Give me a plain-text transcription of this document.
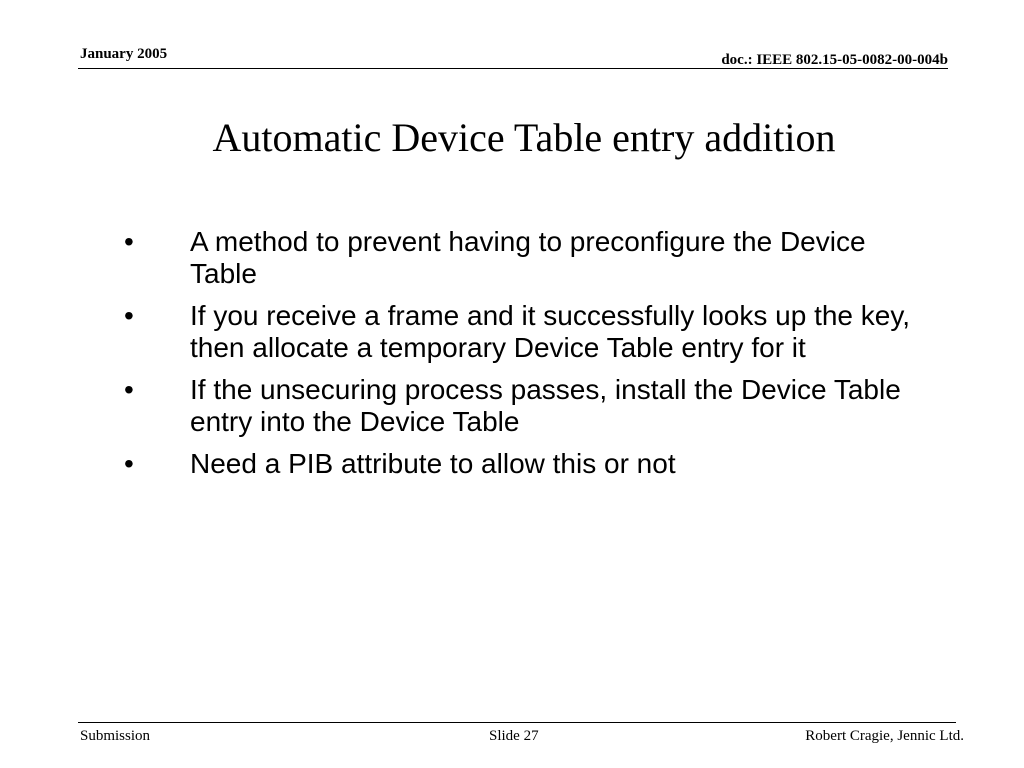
January 2005	doc.: IEEE 802.15-05-0082-00-004b
Automatic Device Table entry addition
• A method to prevent having to preconfigure the Device Table
• If you receive a frame and it successfully looks up the key, then allocate a temporary Device Table entry for it
• If the unsecuring process passes, install the Device Table entry into the Device Table
• Need a PIB attribute to allow this or not
Submission	Slide 27	Robert Cragie, Jennic Ltd.
